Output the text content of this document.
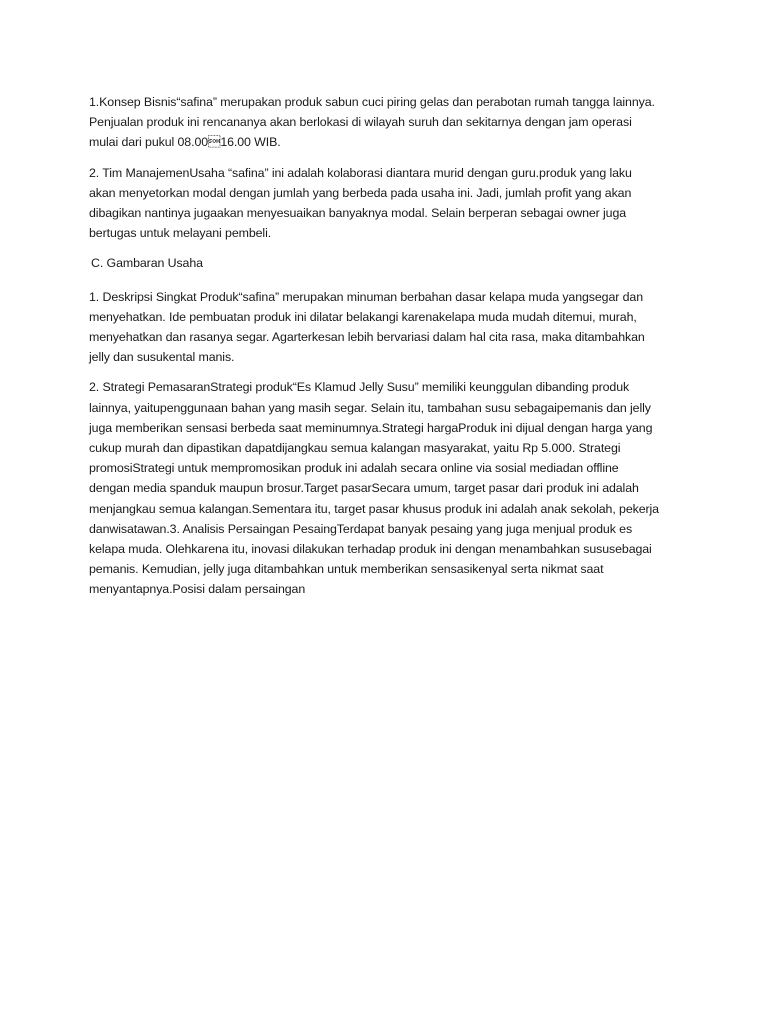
1.Konsep Bisnis“safina” merupakan produk sabun cuci piring gelas dan perabotan rumah tangga lainnya.
Penjualan produk ini rencananya akan berlokasi di wilayah suruh dan sekitarnya dengan jam operasi
mulai dari pukul 08.0016.00 WIB.

2. Tim ManajemenUsaha “safina” ini adalah kolaborasi diantara murid dengan guru.produk yang laku
akan menyetorkan modal dengan jumlah yang berbeda pada usaha ini. Jadi, jumlah profit yang akan
dibagikan nantinya jugaakan menyesuaikan banyaknya modal. Selain berperan sebagai owner juga
bertugas untuk melayani pembeli.

C. Gambaran Usaha

1. Deskripsi Singkat Produk“safina” merupakan minuman berbahan dasar kelapa muda yangsegar dan
menyehatkan. Ide pembuatan produk ini dilatar belakangi karenakelapa muda mudah ditemui, murah,
menyehatkan dan rasanya segar. Agarterkesan lebih bervariasi dalam hal cita rasa, maka ditambahkan
jelly dan susukental manis.

2. Strategi PemasaranStrategi produk“Es Klamud Jelly Susu” memiliki keunggulan dibanding produk
lainnya, yaitupenggunaan bahan yang masih segar. Selain itu, tambahan susu sebagaipemanis dan jelly
juga memberikan sensasi berbeda saat meminumnya.Strategi hargaProduk ini dijual dengan harga yang
cukup murah dan dipastikan dapatdijangkau semua kalangan masyarakat, yaitu Rp 5.000. Strategi
promosiStrategi untuk mempromosikan produk ini adalah secara online via sosial mediadan offline
dengan media spanduk maupun brosur.Target pasarSecara umum, target pasar dari produk ini adalah
menjangkau semua kalangan.Sementara itu, target pasar khusus produk ini adalah anak sekolah, pekerja
danwisatawan.3. Analisis Persaingan PesaingTerdapat banyak pesaing yang juga menjual produk es
kelapa muda. Olehkarena itu, inovasi dilakukan terhadap produk ini dengan menambahkan sususebagai
pemanis. Kemudian, jelly juga ditambahkan untuk memberikan sensasikenyal serta nikmat saat
menyantapnya.Posisi dalam persaingan
